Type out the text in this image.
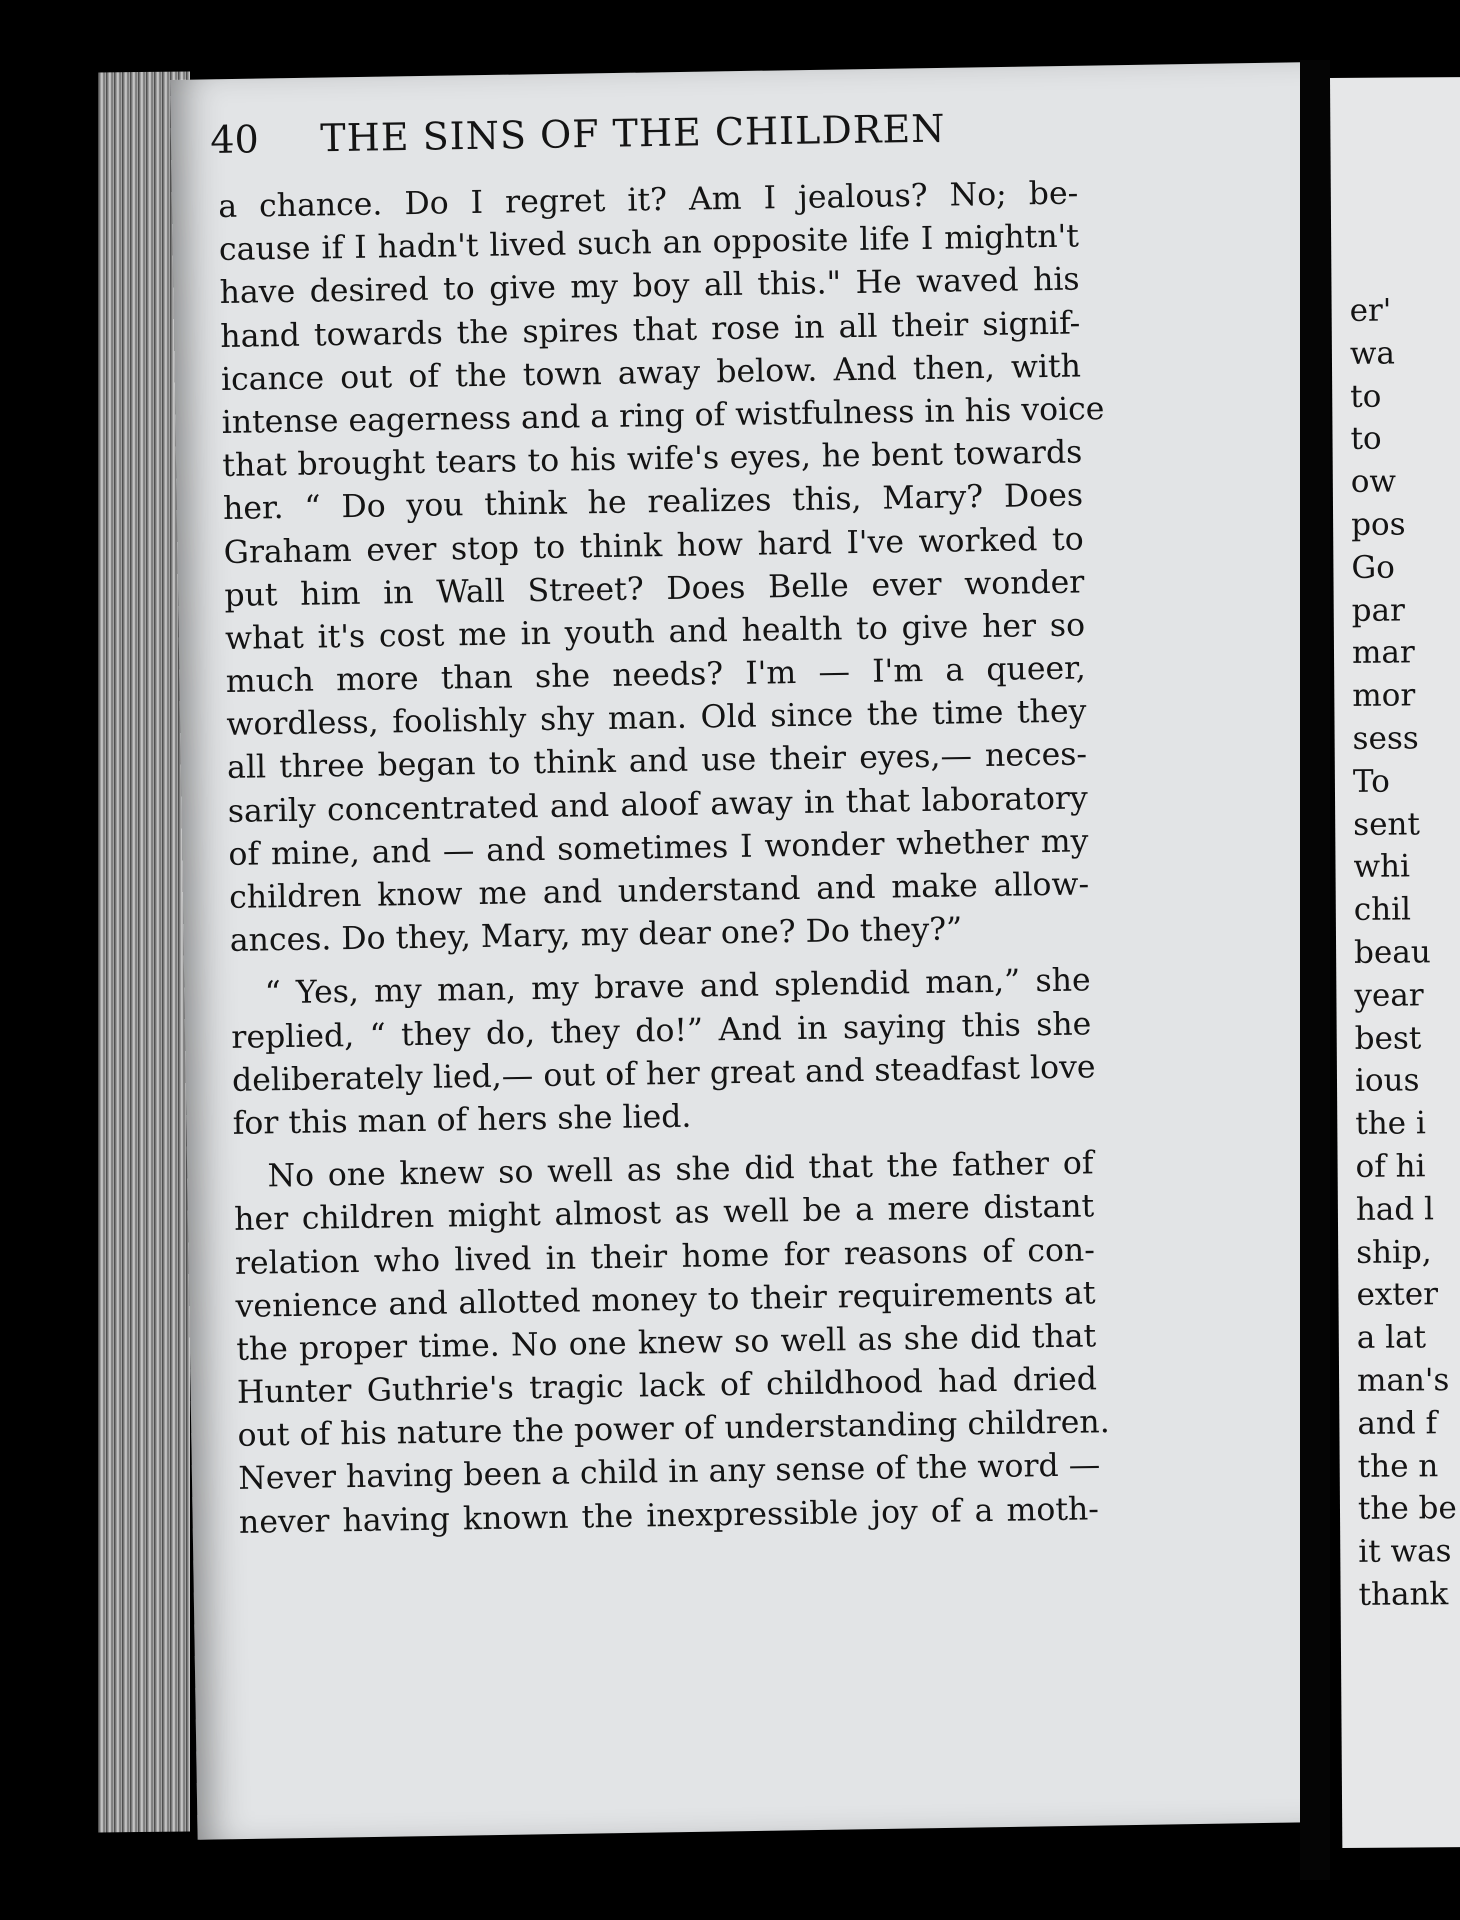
er'
wa
to
to
ow
pos
Go
par
mar
mor
sess
To
sent
whi
chil
beau
year
best
ious
the i
of hi
had l
ship,
exter
a lat
man's
and f
the n
the be
it was
thank
40	THE SINS OF THE CHILDREN
a chance. Do I regret it? Am I jealous? No; be-
cause if I hadn't lived such an opposite life I mightn't
have desired to give my boy all this." He waved his
hand towards the spires that rose in all their signif-
icance out of the town away below. And then, with
intense eagerness and a ring of wistfulness in his voice
that brought tears to his wife's eyes, he bent towards
her. “ Do you think he realizes this, Mary? Does
Graham ever stop to think how hard I've worked to
put him in Wall Street? Does Belle ever wonder
what it's cost me in youth and health to give her so
much more than she needs? I'm — I'm a queer,
wordless, foolishly shy man. Old since the time they
all three began to think and use their eyes,— neces-
sarily concentrated and aloof away in that laboratory
of mine, and — and sometimes I wonder whether my
children know me and understand and make allow-
ances. Do they, Mary, my dear one? Do they?”
“ Yes, my man, my brave and splendid man,” she
replied, “ they do, they do!” And in saying this she
deliberately lied,— out of her great and steadfast love
for this man of hers she lied.
No one knew so well as she did that the father of
her children might almost as well be a mere distant
relation who lived in their home for reasons of con-
venience and allotted money to their requirements at
the proper time. No one knew so well as she did that
Hunter Guthrie's tragic lack of childhood had dried
out of his nature the power of understanding children.
Never having been a child in any sense of the word —
never having known the inexpressible joy of a moth-
